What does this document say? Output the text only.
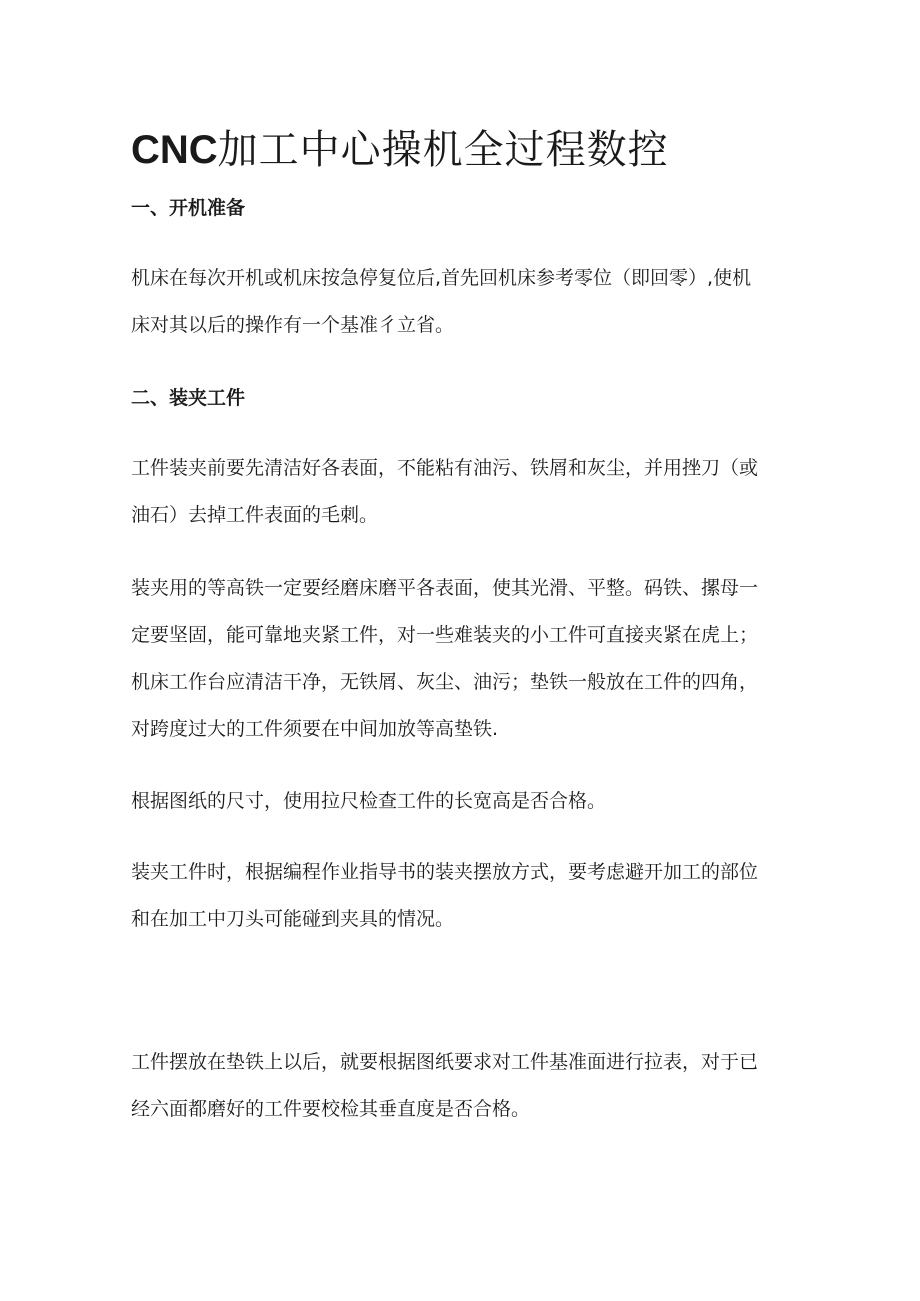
CNC加工中心操机全过程数控
一、开机准备

机床在每次开机或机床按急停复位后,首先回机床参考零位（即回零）,使机
床对其以后的操作有一个基准彳立省。

二、装夹工件

工件装夹前要先清洁好各表面，不能粘有油污、铁屑和灰尘，并用挫刀（或
油石）去掉工件表面的毛刺。

装夹用的等高铁一定要经磨床磨平各表面，使其光滑、平整。码铁、摞母一
定要坚固，能可靠地夹紧工件，对一些难装夹的小工件可直接夹紧在虎上；
机床工作台应清洁干净，无铁屑、灰尘、油污；垫铁一般放在工件的四角，
对跨度过大的工件须要在中间加放等高垫铁.

根据图纸的尺寸，使用拉尺检查工件的长宽高是否合格。

装夹工件时，根据编程作业指导书的装夹摆放方式，要考虑避开加工的部位
和在加工中刀头可能碰到夹具的情况。

工件摆放在垫铁上以后，就要根据图纸要求对工件基准面进行拉表，对于已
经六面都磨好的工件要校检其垂直度是否合格。
